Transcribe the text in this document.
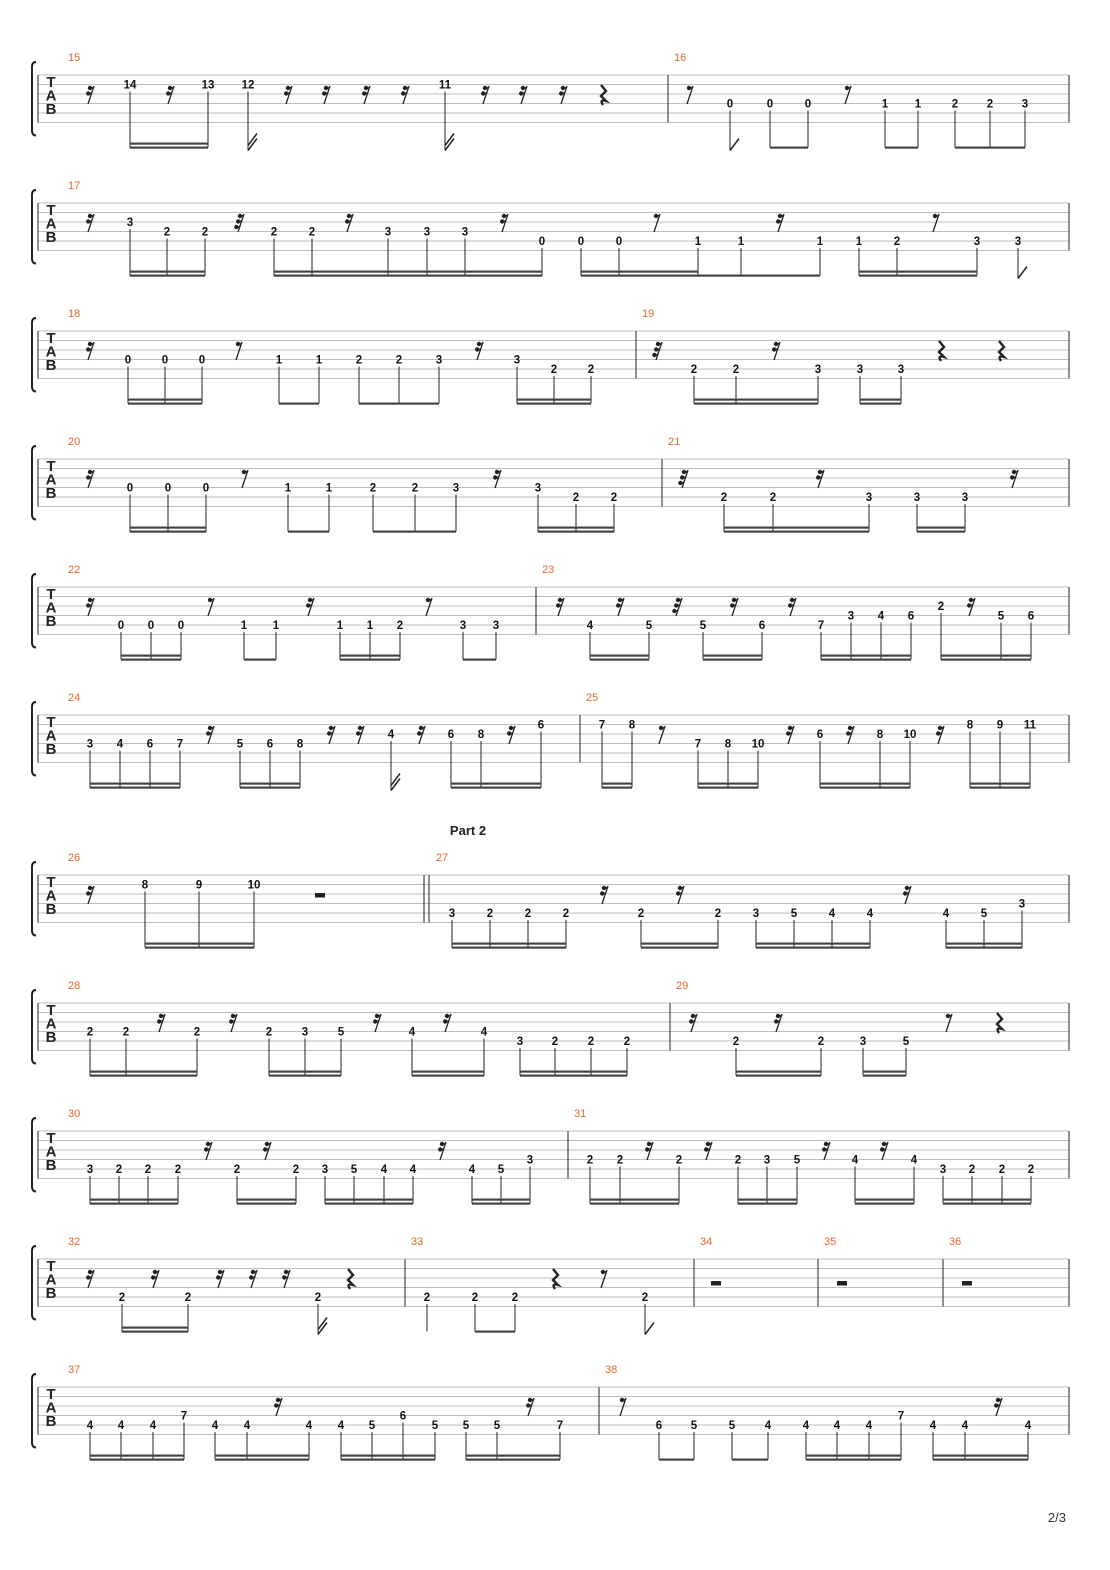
T
A
B
15
14	13 12	11
16
0	0	0	1 1	2 2 3
T
A
B
17
3
2	2	2	2	3	3	3
0	0	0	1	1	1	1	2	3	3
T
A
B
18
0	0	0	1	1	2	2	3	3
2	2
19
2	2	3	3	3
T
A
B
20
0	0	0	1	1	2	2	3	3
2	2
21
2	2	3	3	3
T
A
B
22
0 0 0	1 1	1 1 2	3 3
23
4	5	5	6	7
3 4 6
2
5 6
T
A
B
24
3 4 6 7	5 6 8
4	6 8
6
25
7 8
7 8 10
6	8 10
8 9 11
T
A
B
Part 2
26
8	9	10
27
3	2	2	2	2	2	3	5	4	4	4	5
3
T
A
B
28
2	2	2	2	3	5	4	4
3 2	2	2
29
2	2	3	5
T
A
B
30
3 2 2 2	2	2 3 5 4 4	4 5
3
31
2 2	2	2 3 5	4	4
3 2 2 2
T
A
B
32
2	2	2
33
2	2	2	2
34	35	36
T
A
B
37
4 4 4
7
4 4	4 4 5
6
5 5 5	7
38
6 5	5	4	4 4 4
7
4 4	4
2/3
